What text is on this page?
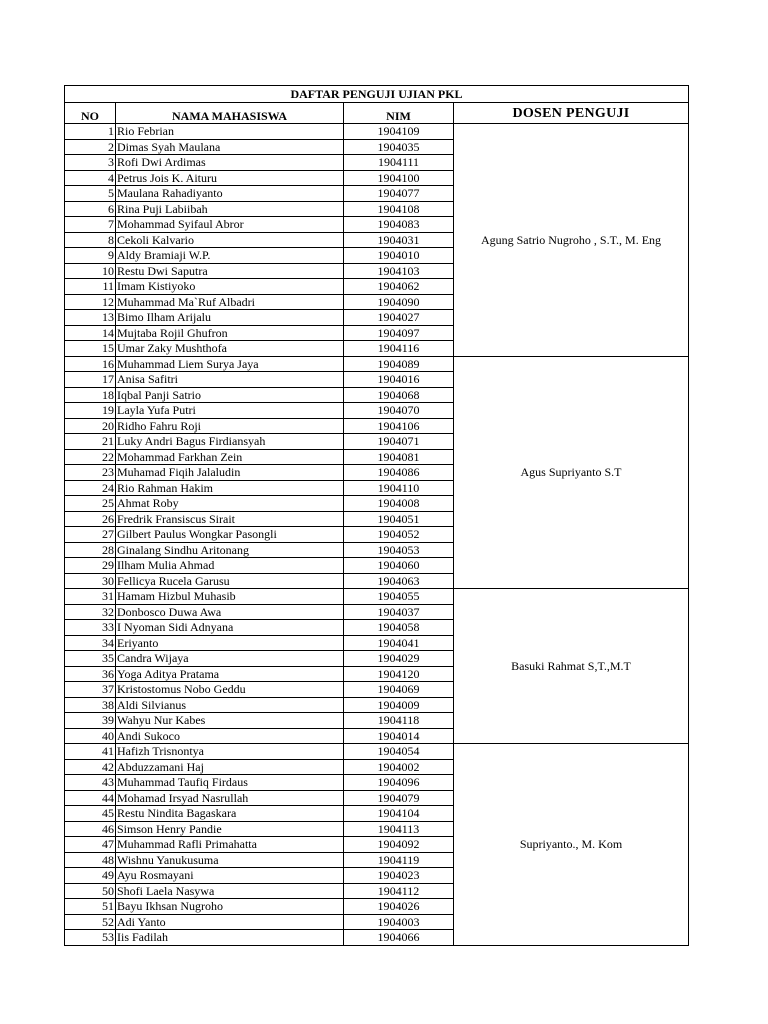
DAFTAR PENGUJI UJIAN PKL			
NO	NAMA MAHASISWA	NIM	DOSEN PENGUJI
1	Rio Febrian	1904109	Agung Satrio Nugroho , S.T., M. Eng
2	Dimas Syah Maulana	1904035	
3	Rofi Dwi Ardimas	1904111	
4	Petrus Jois K. Aituru	1904100	
5	Maulana Rahadiyanto	1904077	
6	Rina Puji Labiibah	1904108	
7	Mohammad Syifaul Abror	1904083	
8	Cekoli Kalvario	1904031	
9	Aldy Bramiaji W.P.	1904010	
10	Restu Dwi Saputra	1904103	
11	Imam Kistiyoko	1904062	
12	Muhammad Ma`Ruf Albadri	1904090	
13	Bimo Ilham Arijalu	1904027	
14	Mujtaba Rojil Ghufron	1904097	
15	Umar Zaky Mushthofa	1904116	
16	Muhammad Liem Surya Jaya	1904089	Agus Supriyanto S.T
17	Anisa Safitri	1904016	
18	Iqbal Panji Satrio	1904068	
19	Layla Yufa Putri	1904070	
20	Ridho Fahru Roji	1904106	
21	Luky Andri Bagus Firdiansyah	1904071	
22	Mohammad Farkhan Zein	1904081	
23	Muhamad Fiqih Jalaludin	1904086	
24	Rio Rahman Hakim	1904110	
25	Ahmat Roby	1904008	
26	Fredrik Fransiscus Sirait	1904051	
27	Gilbert Paulus Wongkar Pasongli	1904052	
28	Ginalang Sindhu Aritonang	1904053	
29	Ilham Mulia Ahmad	1904060	
30	Fellicya Rucela Garusu	1904063	
31	Hamam Hizbul Muhasib	1904055	Basuki Rahmat S,T.,M.T
32	Donbosco Duwa Awa	1904037	
33	I Nyoman Sidi Adnyana	1904058	
34	Eriyanto	1904041	
35	Candra Wijaya	1904029	
36	Yoga Aditya Pratama	1904120	
37	Kristostomus Nobo Geddu	1904069	
38	Aldi Silvianus	1904009	
39	Wahyu Nur Kabes	1904118	
40	Andi Sukoco	1904014	
41	Hafizh Trisnontya	1904054	Supriyanto., M. Kom
42	Abduzzamani Haj	1904002	
43	Muhammad Taufiq Firdaus	1904096	
44	Mohamad Irsyad Nasrullah	1904079	
45	Restu Nindita Bagaskara	1904104	
46	Simson Henry Pandie	1904113	
47	Muhammad Rafli Primahatta	1904092	
48	Wishnu Yanukusuma	1904119	
49	Ayu Rosmayani	1904023	
50	Shofi Laela Nasywa	1904112	
51	Bayu Ikhsan Nugroho	1904026	
52	Adi Yanto	1904003	
53	Iis Fadilah	1904066	
